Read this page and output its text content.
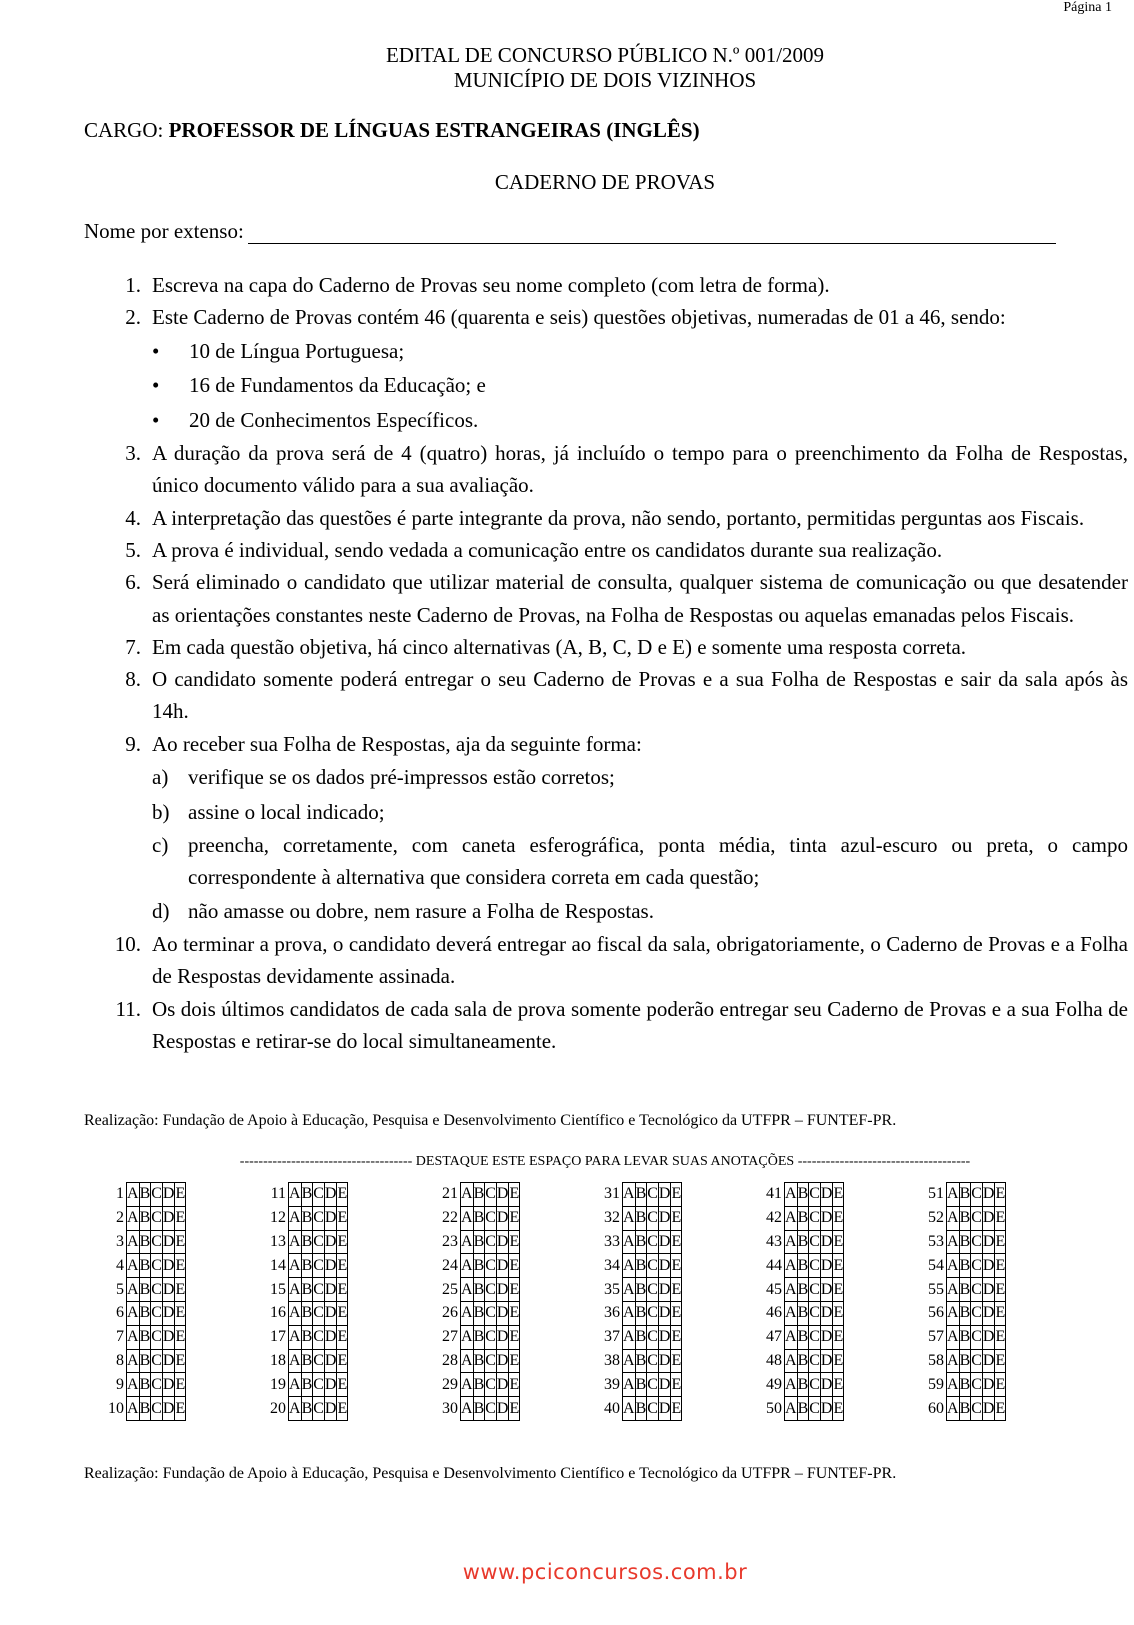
Página 1
EDITAL DE CONCURSO PÚBLICO N.º 001/2009
MUNICÍPIO DE DOIS VIZINHOS
CARGO: PROFESSOR DE LÍNGUAS ESTRANGEIRAS (INGLÊS)
CADERNO DE PROVAS
Nome por extenso:
1. Escreva na capa do Caderno de Provas seu nome completo (com letra de forma).
2. Este Caderno de Provas contém 46 (quarenta e seis) questões objetivas, numeradas de 01 a 46, sendo:
•	10 de Língua Portuguesa;
•	16 de Fundamentos da Educação; e
•	20 de Conhecimentos Específicos.
3. A duração da prova será de 4 (quatro) horas, já incluído o tempo para o preenchimento da Folha de Respostas, único documento válido para a sua avaliação.
4. A interpretação das questões é parte integrante da prova, não sendo, portanto, permitidas perguntas aos Fiscais.
5. A prova é individual, sendo vedada a comunicação entre os candidatos durante sua realização.
6. Será eliminado o candidato que utilizar material de consulta, qualquer sistema de comunicação ou que desatender as orientações constantes neste Caderno de Provas, na Folha de Respostas ou aquelas emanadas pelos Fiscais.
7. Em cada questão objetiva, há cinco alternativas (A, B, C, D e E) e somente uma resposta correta.
8. O candidato somente poderá entregar o seu Caderno de Provas e a sua Folha de Respostas e sair da sala após às 14h.
9. Ao receber sua Folha de Respostas, aja da seguinte forma:
a) verifique se os dados pré-impressos estão corretos;
b) assine o local indicado;
c) preencha, corretamente, com caneta esferográfica, ponta média, tinta azul-escuro ou preta, o campo correspondente à alternativa que considera correta em cada questão;
d) não amasse ou dobre, nem rasure a Folha de Respostas.
10. Ao terminar a prova, o candidato deverá entregar ao fiscal da sala, obrigatoriamente, o Caderno de Provas e a Folha de Respostas devidamente assinada.
11. Os dois últimos candidatos de cada sala de prova somente poderão entregar seu Caderno de Provas e a sua Folha de Respostas e retirar-se do local simultaneamente.
Realização: Fundação de Apoio à Educação, Pesquisa e Desenvolvimento Científico e Tecnológico da UTFPR – FUNTEF-PR.
------------------------------------- DESTAQUE ESTE ESPAÇO PARA LEVAR SUAS ANOTAÇÕES -------------------------------------
1	A	B	C	D	E
2	A	B	C	D	E
3	A	B	C	D	E
4	A	B	C	D	E
5	A	B	C	D	E
6	A	B	C	D	E
7	A	B	C	D	E
8	A	B	C	D	E
9	A	B	C	D	E
10	A	B	C	D	E
11	A	B	C	D	E
12	A	B	C	D	E
13	A	B	C	D	E
14	A	B	C	D	E
15	A	B	C	D	E
16	A	B	C	D	E
17	A	B	C	D	E
18	A	B	C	D	E
19	A	B	C	D	E
20	A	B	C	D	E
21	A	B	C	D	E
22	A	B	C	D	E
23	A	B	C	D	E
24	A	B	C	D	E
25	A	B	C	D	E
26	A	B	C	D	E
27	A	B	C	D	E
28	A	B	C	D	E
29	A	B	C	D	E
30	A	B	C	D	E
31	A	B	C	D	E
32	A	B	C	D	E
33	A	B	C	D	E
34	A	B	C	D	E
35	A	B	C	D	E
36	A	B	C	D	E
37	A	B	C	D	E
38	A	B	C	D	E
39	A	B	C	D	E
40	A	B	C	D	E
41	A	B	C	D	E
42	A	B	C	D	E
43	A	B	C	D	E
44	A	B	C	D	E
45	A	B	C	D	E
46	A	B	C	D	E
47	A	B	C	D	E
48	A	B	C	D	E
49	A	B	C	D	E
50	A	B	C	D	E
51	A	B	C	D	E
52	A	B	C	D	E
53	A	B	C	D	E
54	A	B	C	D	E
55	A	B	C	D	E
56	A	B	C	D	E
57	A	B	C	D	E
58	A	B	C	D	E
59	A	B	C	D	E
60	A	B	C	D	E
Realização: Fundação de Apoio à Educação, Pesquisa e Desenvolvimento Científico e Tecnológico da UTFPR – FUNTEF-PR.
www.pciconcursos.com.br
